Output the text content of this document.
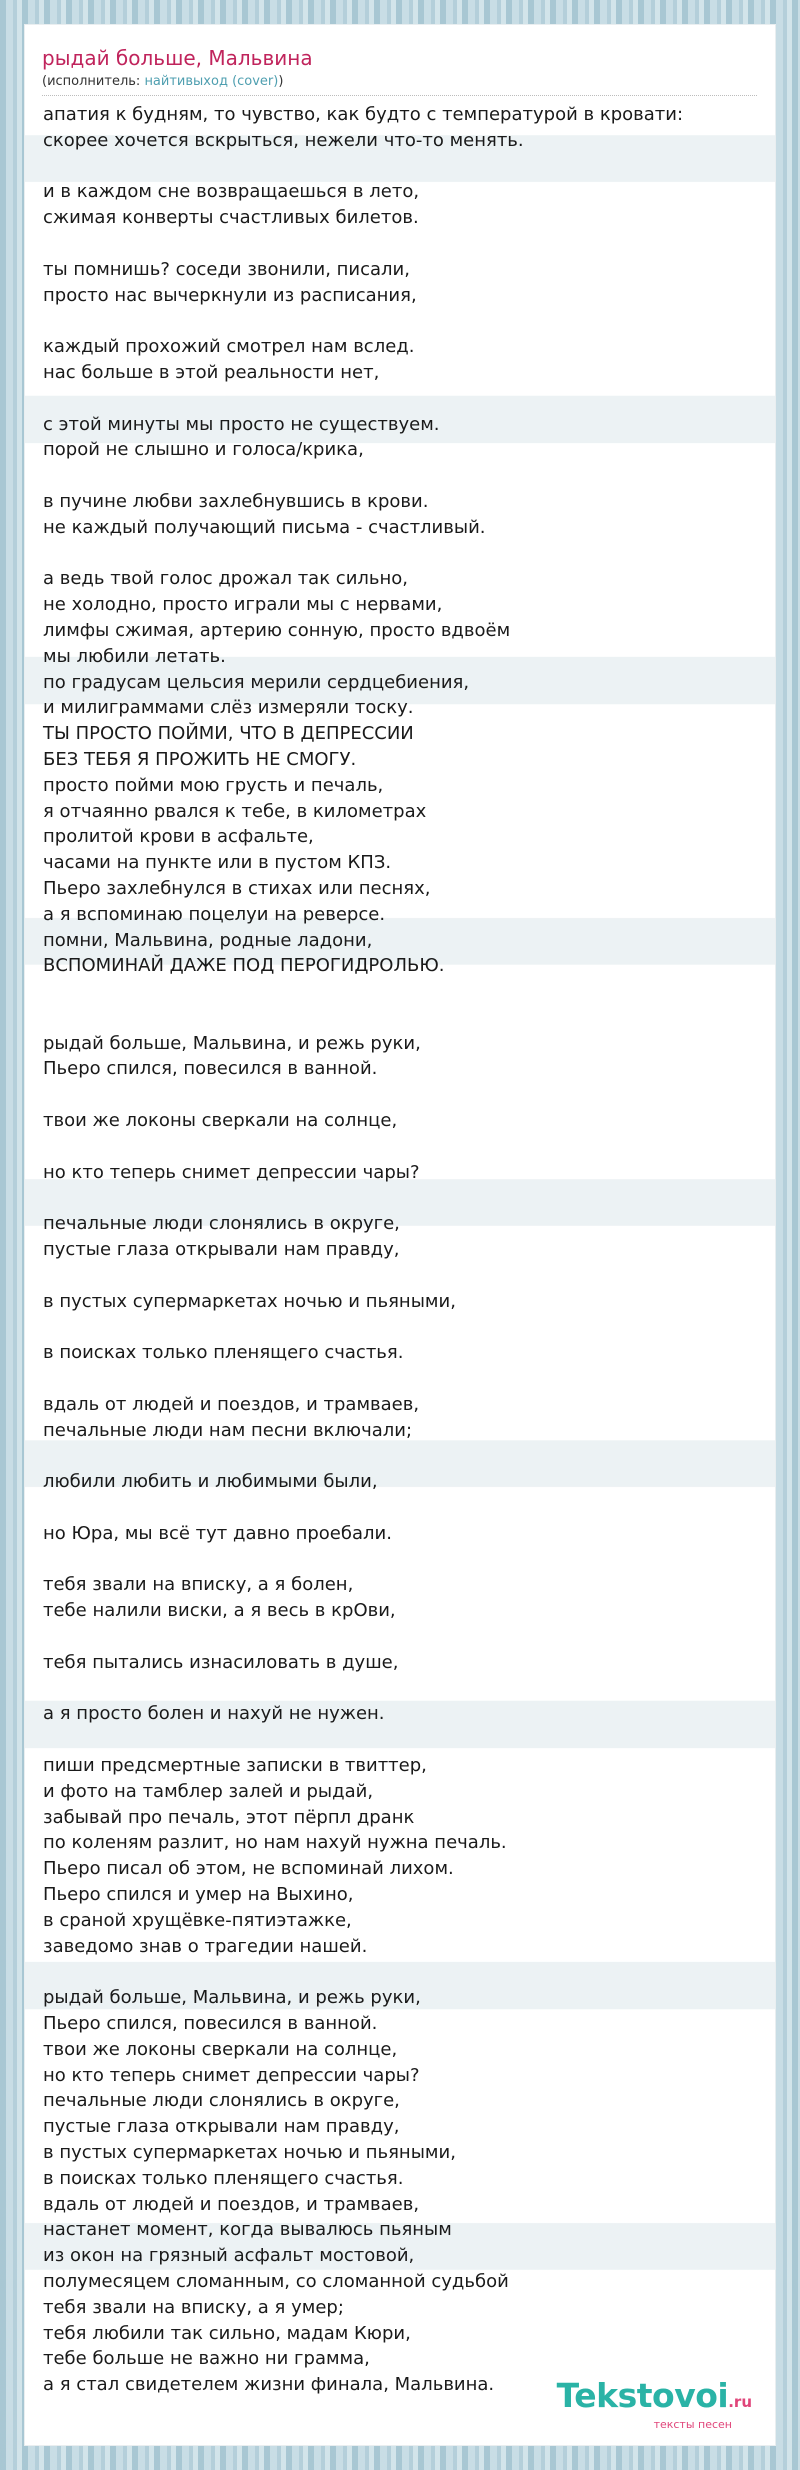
рыдай больше, Мальвина
(исполнитель: найтивыход (cover))
апатия к будням, то чувство, как будто с температурой в кровати:
скорее хочется вскрыться, нежели что-то менять.

и в каждом сне возвращаешься в лето,
сжимая конверты счастливых билетов.

ты помнишь? соседи звонили, писали,
просто нас вычеркнули из расписания,

каждый прохожий смотрел нам вслед.
нас больше в этой реальности нет,

с этой минуты мы просто не существуем.
порой не слышно и голоса/крика,

в пучине любви захлебнувшись в крови.
не каждый получающий письма - счастливый.

а ведь твой голос дрожал так сильно,
не холодно, просто играли мы с нервами,
лимфы сжимая, артерию сонную, просто вдвоём
мы любили летать.
по градусам цельсия мерили сердцебиения,
и милиграммами слёз измеряли тоску.
ТЫ ПРОСТО ПОЙМИ, ЧТО В ДЕПРЕССИИ
БЕЗ ТЕБЯ Я ПРОЖИТЬ НЕ СМОГУ.
просто пойми мою грусть и печаль,
я отчаянно рвался к тебе, в километрах
пролитой крови в асфальте,
часами на пункте или в пустом КПЗ.
Пьеро захлебнулся в стихах или песнях,
а я вспоминаю поцелуи на реверсе.
помни, Мальвина, родные ладони,
ВСПОМИНАЙ ДАЖЕ ПОД ПЕРОГИДРОЛЬЮ.

рыдай больше, Мальвина, и режь руки,
Пьеро спился, повесился в ванной.

твои же локоны сверкали на солнце,

но кто теперь снимет депрессии чары?

печальные люди слонялись в округе,
пустые глаза открывали нам правду,

в пустых супермаркетах ночью и пьяными,

в поисках только пленящего счастья.

вдаль от людей и поездов, и трамваев,
печальные люди нам песни включали;

любили любить и любимыми были,

но Юра, мы всё тут давно проебали.

тебя звали на вписку, а я болен,
тебе налили виски, а я весь в крОви,

тебя пытались изнасиловать в душе,

а я просто болен и нахуй не нужен.

пиши предсмертные записки в твиттер,
и фото на тамблер залей и рыдай,
забывай про печаль, этот пёрпл дранк
по коленям разлит, но нам нахуй нужна печаль.
Пьеро писал об этом, не вспоминай лихом.
Пьеро спился и умер на Выхино,
в сраной хрущёвке-пятиэтажке,
заведомо знав о трагедии нашей.

рыдай больше, Мальвина, и режь руки,
Пьеро спился, повесился в ванной.
твои же локоны сверкали на солнце,
но кто теперь снимет депрессии чары?
печальные люди слонялись в округе,
пустые глаза открывали нам правду,
в пустых супермаркетах ночью и пьяными,
в поисках только пленящего счастья.
вдаль от людей и поездов, и трамваев,
настанет момент, когда вывалюсь пьяным
из окон на грязный асфальт мостовой,
полумесяцем сломанным, со сломанной судьбой
тебя звали на вписку, а я умер;
тебя любили так сильно, мадам Кюри,
тебе больше не важно ни грамма,
а я стал свидетелем жизни финала, Мальвина.	Tekstovoi.ru
тексты песен
